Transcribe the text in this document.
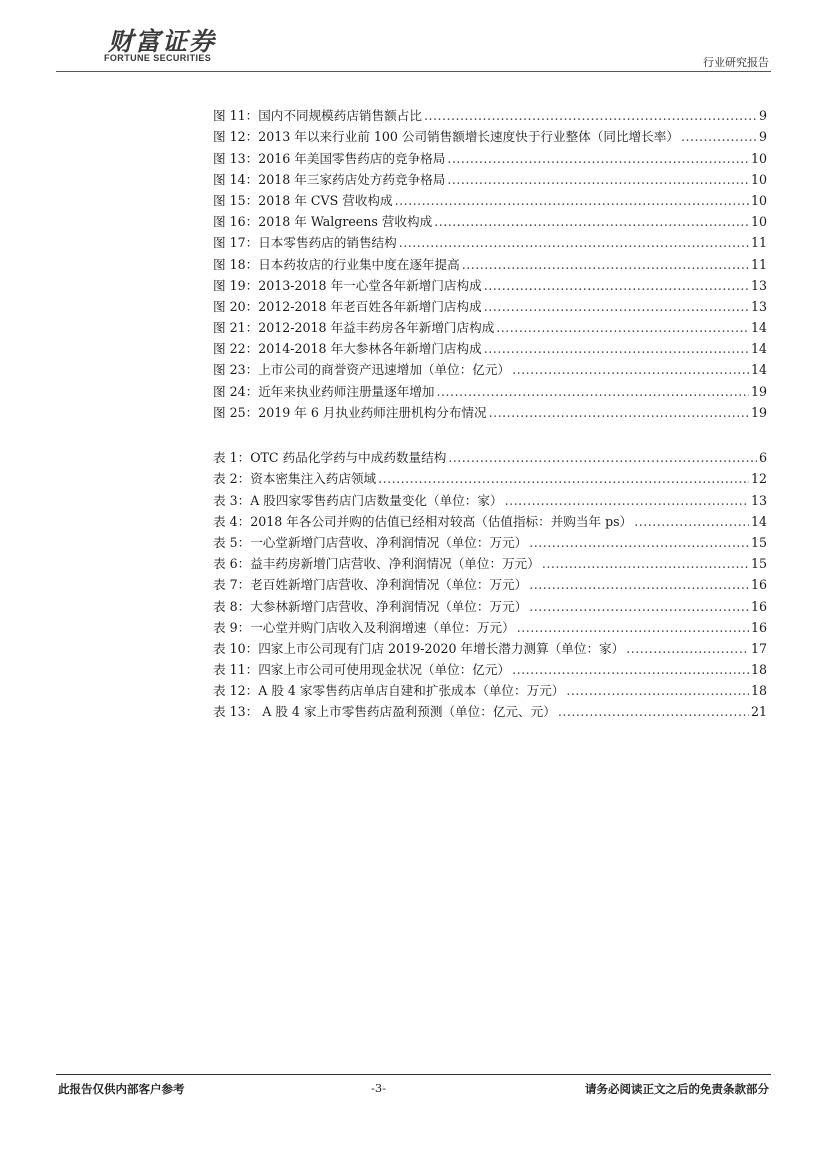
财富证券
FORTUNE SECURITIES	行业研究报告
图 11：国内不同规模药店销售额占比 .....	9
图 12：2013 年以来行业前 100 公司销售额增长速度快于行业整体（同比增长率） .....	9
图 13：2016 年美国零售药店的竞争格局 .....	10
图 14：2018 年三家药店处方药竞争格局 .....	10
图 15：2018 年 CVS 营收构成 .....	10
图 16：2018 年 Walgreens 营收构成 .....	10
图 17：日本零售药店的销售结构 .....	11
图 18：日本药妆店的行业集中度在逐年提高 .....	11
图 19：2013-2018 年一心堂各年新增门店构成 .....	13
图 20：2012-2018 年老百姓各年新增门店构成 .....	13
图 21：2012-2018 年益丰药房各年新增门店构成 .....	14
图 22：2014-2018 年大参林各年新增门店构成 .....	14
图 23：上市公司的商誉资产迅速增加（单位：亿元） .....	14
图 24：近年来执业药师注册量逐年增加 .....	19
图 25：2019 年 6 月执业药师注册机构分布情况 .....	19
表 1：OTC 药品化学药与中成药数量结构 .....	6
表 2：资本密集注入药店领域 .....	12
表 3：A 股四家零售药店门店数量变化（单位：家） .....	13
表 4：2018 年各公司并购的估值已经相对较高（估值指标：并购当年 ps） .....	14
表 5：一心堂新增门店营收、净利润情况（单位：万元） .....	15
表 6：益丰药房新增门店营收、净利润情况（单位：万元） .....	15
表 7：老百姓新增门店营收、净利润情况（单位：万元） .....	16
表 8：大参林新增门店营收、净利润情况（单位：万元） .....	16
表 9：一心堂并购门店收入及利润增速（单位：万元） .....	16
表 10：四家上市公司现有门店 2019-2020 年增长潜力测算（单位：家） .....	17
表 11：四家上市公司可使用现金状况（单位：亿元） .....	18
表 12：A 股 4 家零售药店单店自建和扩张成本（单位：万元） .....	18
表 13： A 股 4 家上市零售药店盈利预测（单位：亿元、元） .....	21
此报告仅供内部客户参考	-3-	请务必阅读正文之后的免责条款部分
